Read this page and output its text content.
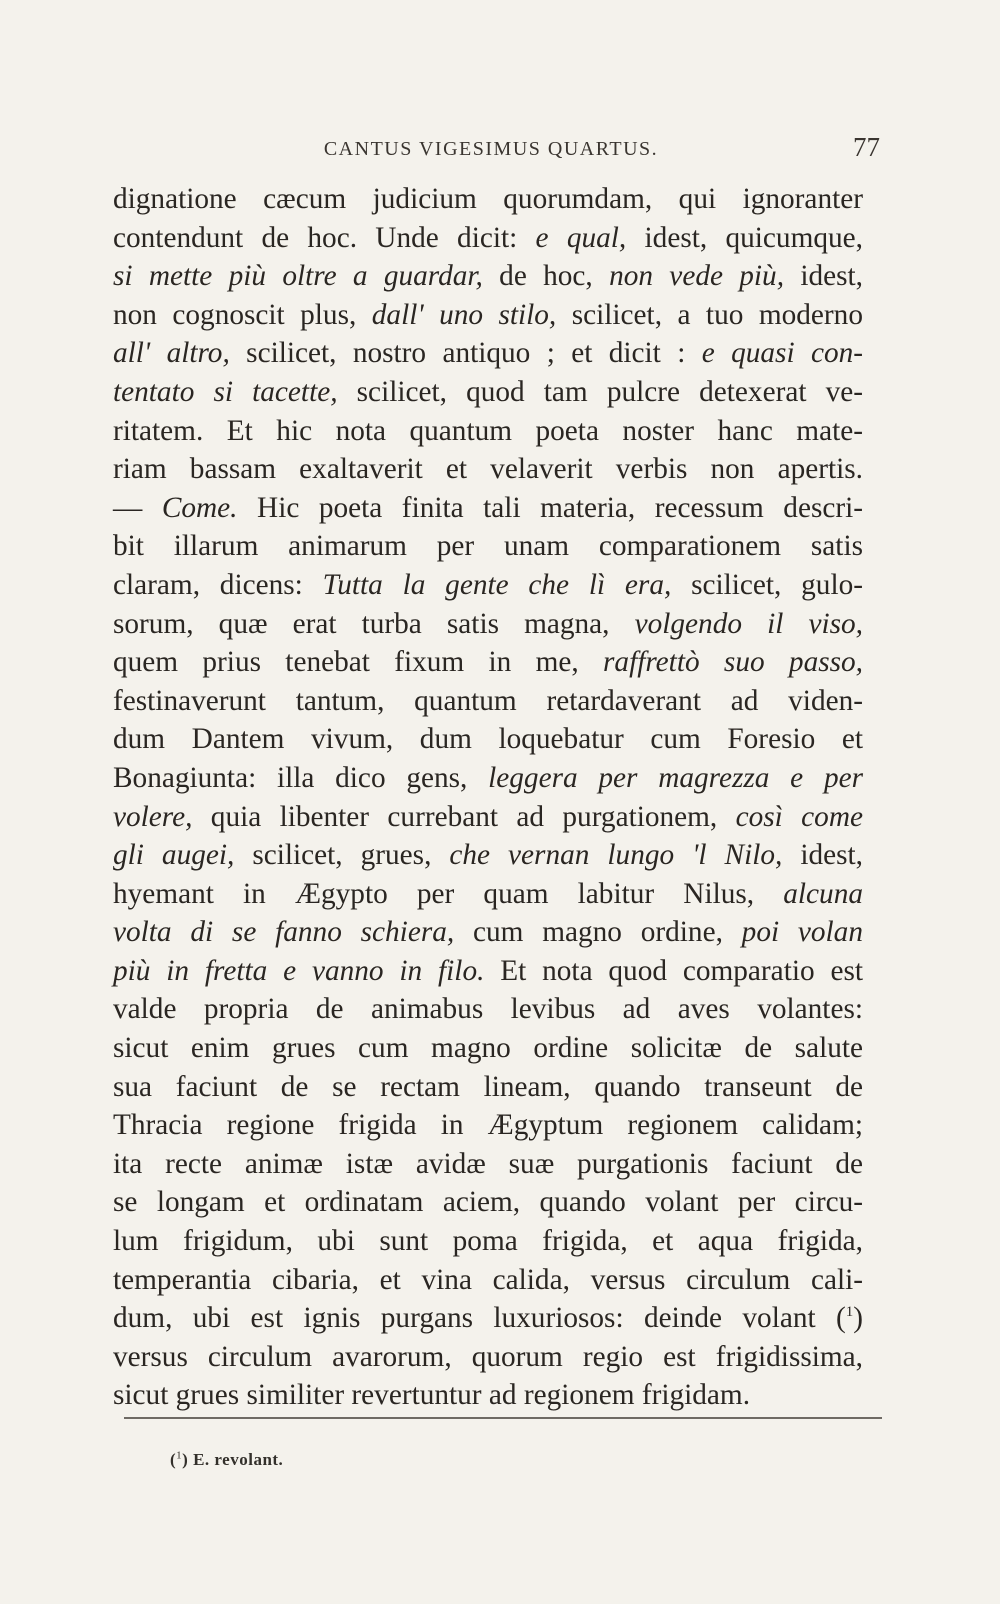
CANTUS VIGESIMUS QUARTUS.	77
dignatione cæcum judicium quorumdam, qui ignoranter
contendunt de hoc. Unde dicit: e qual, idest, quicumque,
si mette più oltre a guardar, de hoc, non vede più, idest,
non cognoscit plus, dall' uno stilo, scilicet, a tuo moderno
all' altro, scilicet, nostro antiquo ; et dicit : e quasi con-
tentato si tacette, scilicet, quod tam pulcre detexerat ve-
ritatem. Et hic nota quantum poeta noster hanc mate-
riam bassam exaltaverit et velaverit verbis non apertis.
— Come. Hic poeta finita tali materia, recessum descri-
bit illarum animarum per unam comparationem satis
claram, dicens: Tutta la gente che lì era, scilicet, gulo-
sorum, quæ erat turba satis magna, volgendo il viso,
quem prius tenebat fixum in me, raffrettò suo passo,
festinaverunt tantum, quantum retardaverant ad viden-
dum Dantem vivum, dum loquebatur cum Foresio et
Bonagiunta: illa dico gens, leggera per magrezza e per
volere, quia libenter currebant ad purgationem, così come
gli augei, scilicet, grues, che vernan lungo 'l Nilo, idest,
hyemant in Ægypto per quam labitur Nilus, alcuna
volta di se fanno schiera, cum magno ordine, poi volan
più in fretta e vanno in filo. Et nota quod comparatio est
valde propria de animabus levibus ad aves volantes:
sicut enim grues cum magno ordine solicitæ de salute
sua faciunt de se rectam lineam, quando transeunt de
Thracia regione frigida in Ægyptum regionem calidam;
ita recte animæ istæ avidæ suæ purgationis faciunt de
se longam et ordinatam aciem, quando volant per circu-
lum frigidum, ubi sunt poma frigida, et aqua frigida,
temperantia cibaria, et vina calida, versus circulum cali-
dum, ubi est ignis purgans luxuriosos: deinde volant ($^1$)
versus circulum avarorum, quorum regio est frigidissima,
sicut grues similiter revertuntur ad regionem frigidam.
($^1$) E. revolant.
